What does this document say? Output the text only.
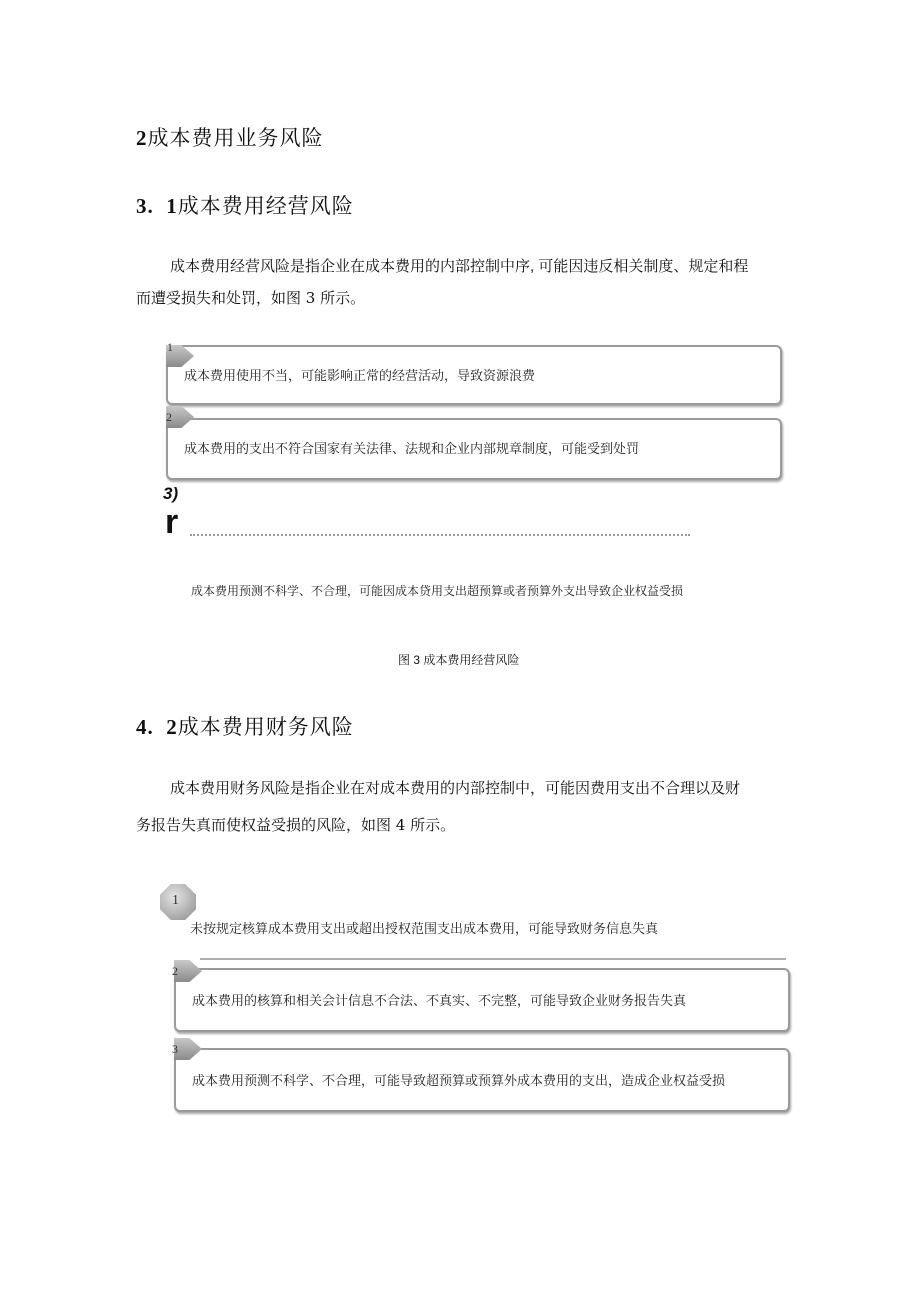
2成本费用业务风险
3.  1成本费用经营风险

成本费用经营风险是指企业在成本费用的内部控制中序, 可能因违反相关制度、规定和程

而遭受损失和处罚，如图 3 所示。

成本费用使用不当，可能影响正常的经营活动，导致资源浪费
1
成本费用的支出不符合国家有关法律、法规和企业内部规章制度，可能受到处罚
2
3)
r
成本费用预测不科学、不合理，可能因成本贷用支出超预算或者预算外支出导致企业权益受损
图 3 成本费用经营风险
4.  2成本费用财务风险

成本费用财务风险是指企业在对成本费用的内部控制中，可能因费用支出不合理以及财

务报告失真而使权益受损的风险，如图 4 所示。

1
未按规定核算成本费用支出或超出授权范围支出成本费用，可能导致财务信息失真
成本费用的核算和相关会计信息不合法、不真实、不完整，可能导致企业财务报告失真
2
成本费用预测不科学、不合理，可能导致超预算或预算外成本费用的支出，造成企业权益受损
3
